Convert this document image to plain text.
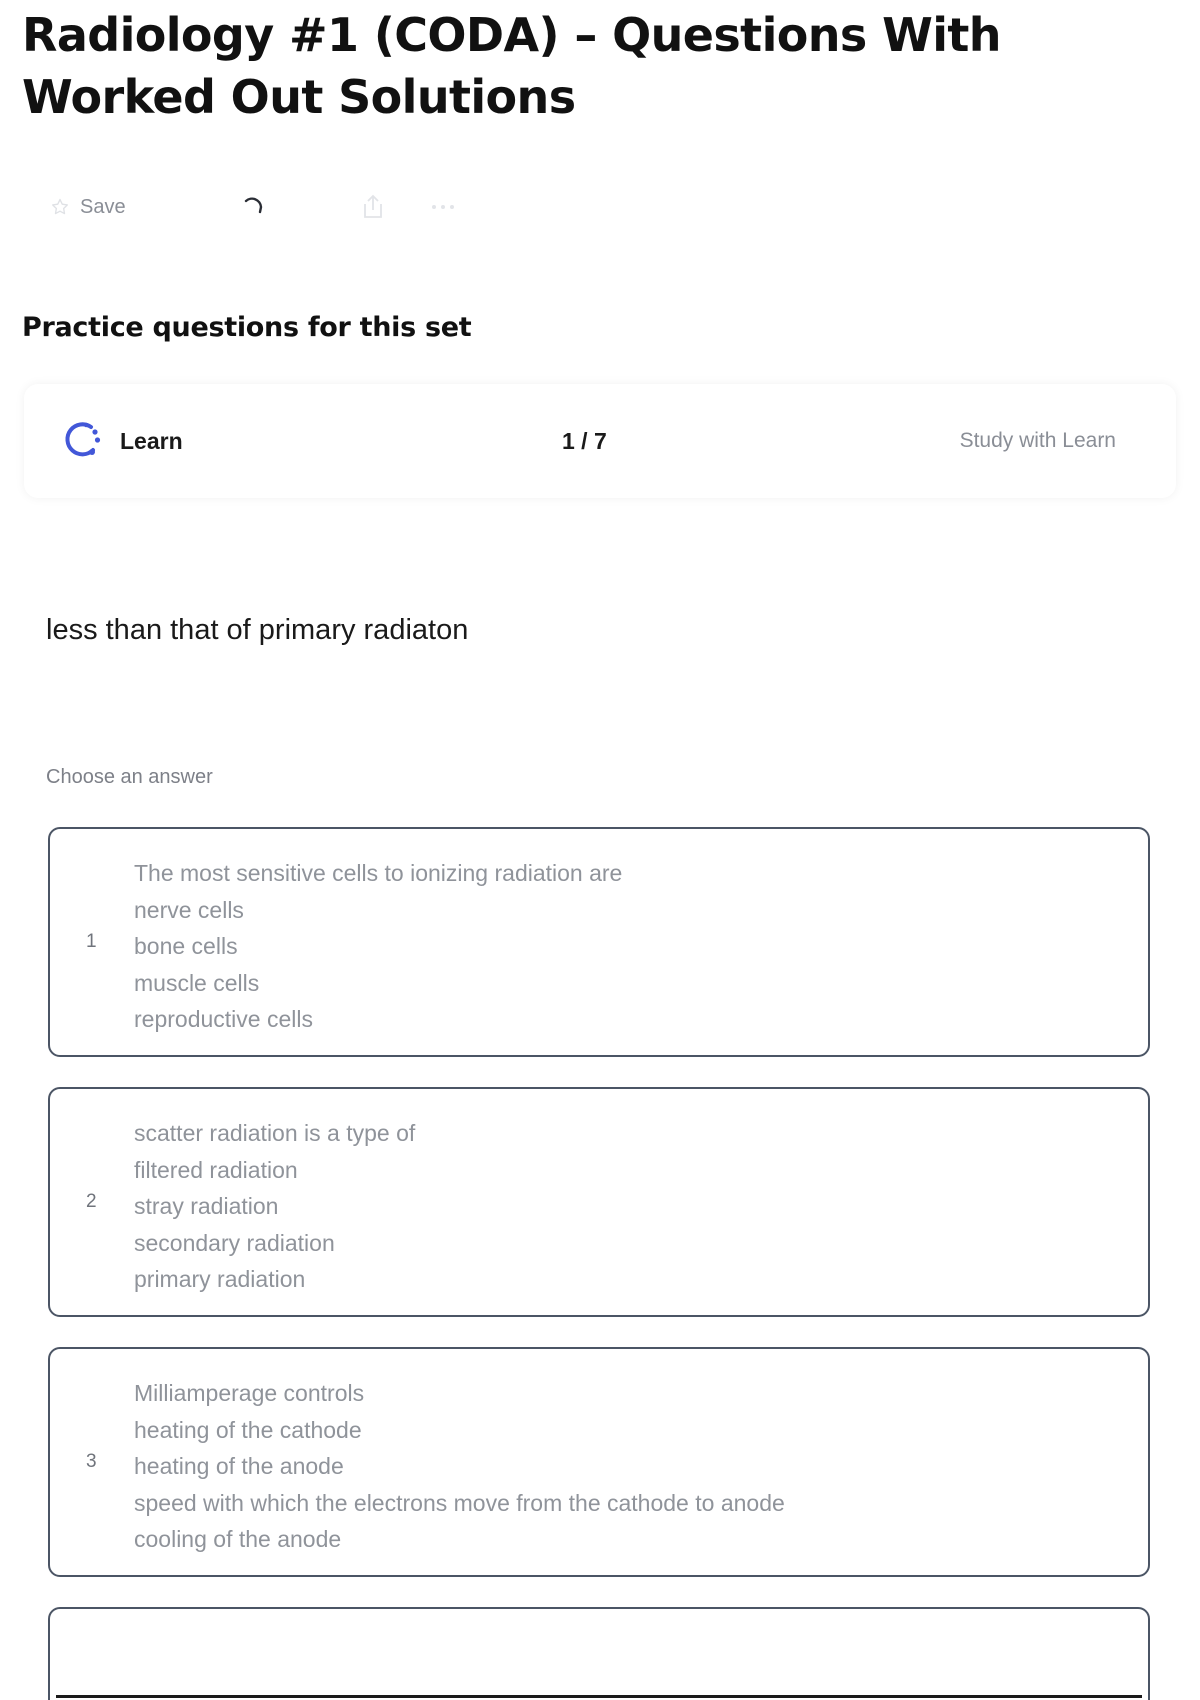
Radiology #1 (CODA) – Questions With Worked Out Solutions
Save
Practice questions for this set
Learn	1 / 7	Study with Learn
less than that of primary radiaton
Choose an answer
1
The most sensitive cells to ionizing radiation are
nerve cells
bone cells
muscle cells
reproductive cells
2
scatter radiation is a type of
filtered radiation
stray radiation
secondary radiation
primary radiation
3
Milliamperage controls
heating of the cathode
heating of the anode
speed with which the electrons move from the cathode to anode
cooling of the anode
